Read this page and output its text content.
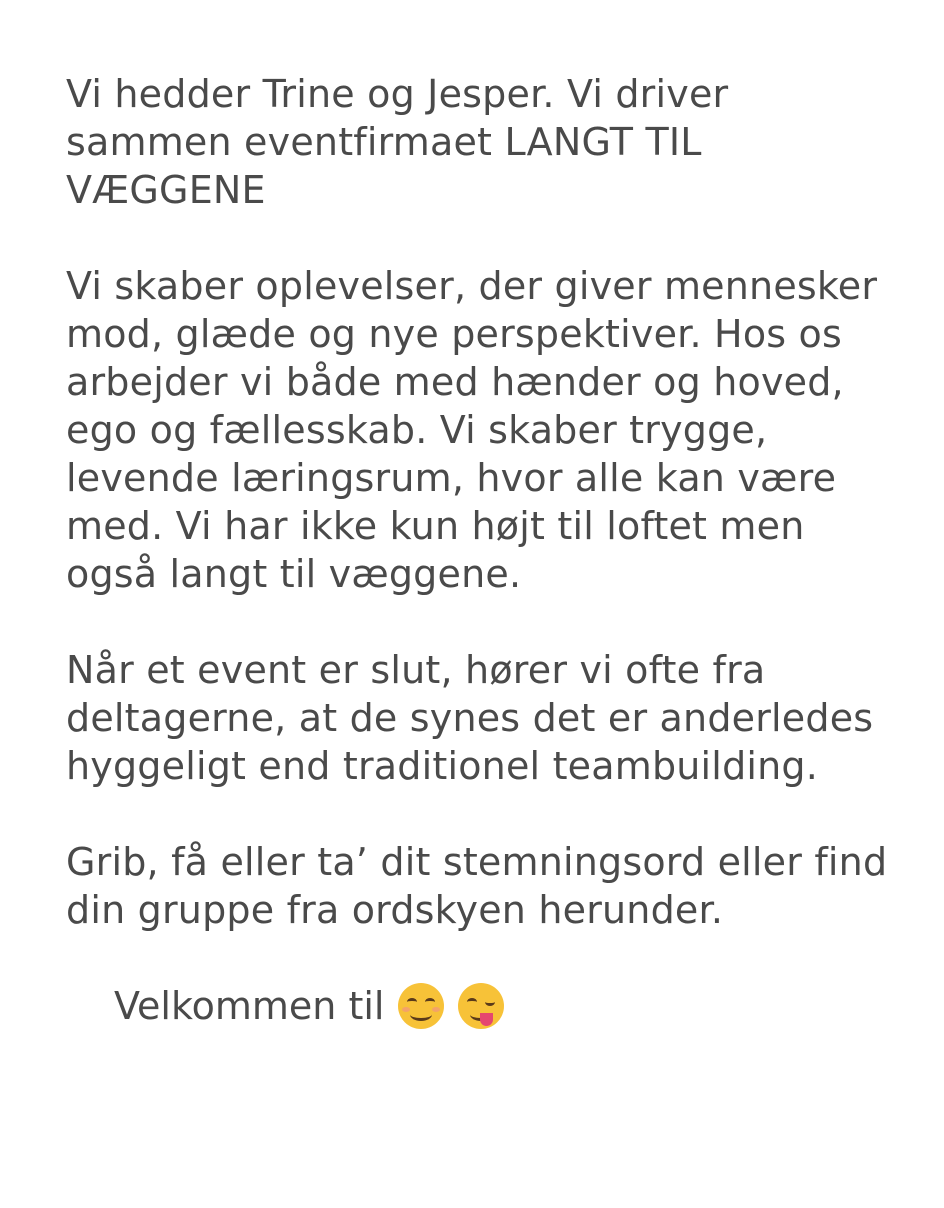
Vi hedder Trine og Jesper. Vi driver sammen eventfirmaet LANGT TIL VÆGGENE

Vi skaber oplevelser, der giver mennesker mod, glæde og nye perspektiver. Hos os arbejder vi både med hænder og hoved, ego og fællesskab. Vi skaber trygge, levende læringsrum, hvor alle kan være med. Vi har ikke kun højt til loftet men også langt til væggene.

Når et event er slut, hører vi ofte fra deltagerne, at de synes det er anderledes hyggeligt end traditionel teambuilding.

Grib, få eller ta’ dit stemningsord eller find din gruppe fra ordskyen herunder.

Velkommen til
